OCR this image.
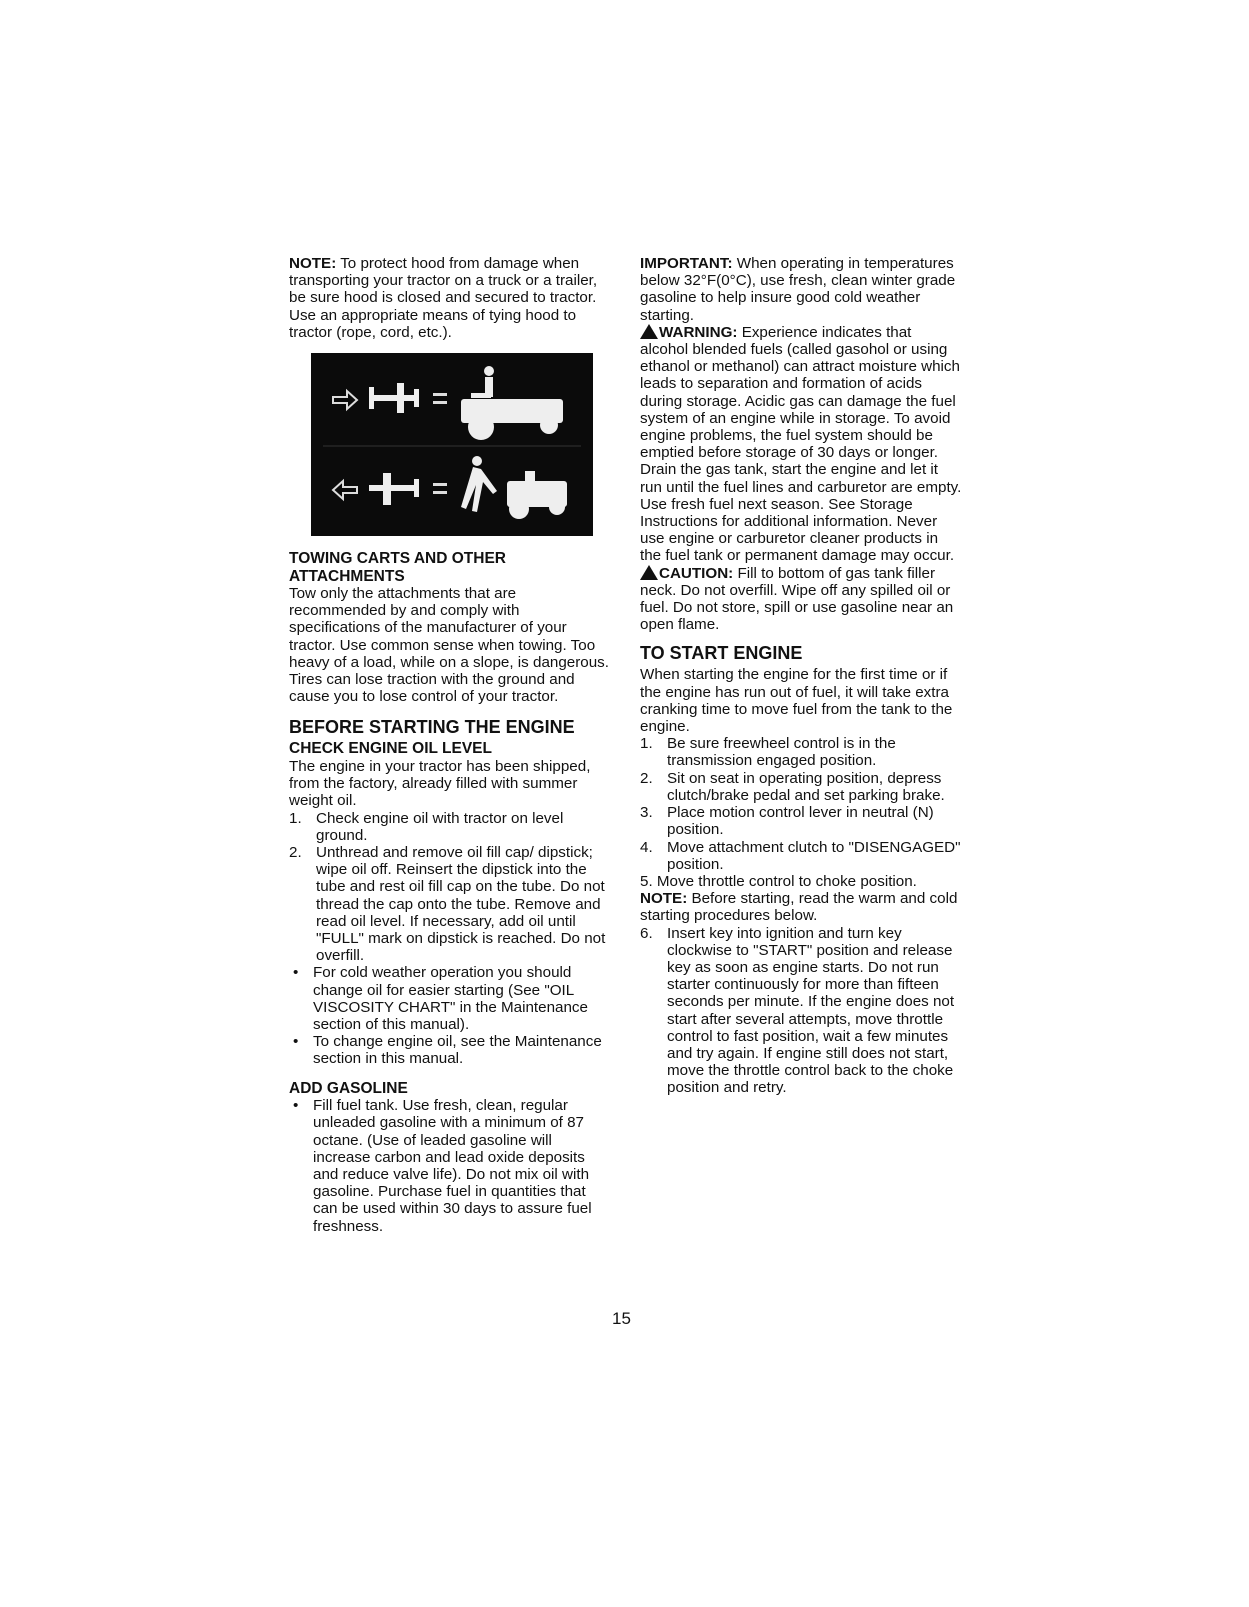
NOTE: To protect hood from damage when transporting your tractor on a truck or a trailer, be sure hood is closed and secured to tractor. Use an appropriate means of tying hood to tractor (rope, cord, etc.).

TOWING CARTS AND OTHER ATTACHMENTS

Tow only the attachments that are recommended by and comply with specifications of the manufacturer of your tractor. Use common sense when towing. Too heavy of a load, while on a slope, is dangerous. Tires can lose traction with the ground and cause you to lose control of your tractor.

BEFORE STARTING THE ENGINE
CHECK ENGINE OIL LEVEL

The engine in your tractor has been shipped, from the factory, already filled with summer weight oil.

1. Check engine oil with tractor on level ground.
2. Unthread and remove oil fill cap/ dipstick; wipe oil off. Reinsert the dipstick into the tube and rest oil fill cap on the tube. Do not thread the cap onto the tube. Remove and read oil level. If necessary, add oil until "FULL" mark on dipstick is reached. Do not overfill.
• For cold weather operation you should change oil for easier starting (See "OIL VISCOSITY CHART" in the Maintenance section of this manual).
• To change engine oil, see the Maintenance section in this manual.
ADD GASOLINE
• Fill fuel tank. Use fresh, clean, regular unleaded gasoline with a minimum of 87 octane. (Use of leaded gasoline will increase carbon and lead oxide deposits and reduce valve life). Do not mix oil with gasoline. Purchase fuel in quantities that can be used within 30 days to assure fuel freshness.

IMPORTANT: When operating in temperatures below 32°F(0°C), use fresh, clean winter grade gasoline to help insure good cold weather starting.

WARNING: Experience indicates that alcohol blended fuels (called gasohol or using ethanol or methanol) can attract moisture which leads to separation and formation of acids during storage. Acidic gas can damage the fuel system of an engine while in storage. To avoid engine problems, the fuel system should be emptied before storage of 30 days or longer. Drain the gas tank, start the engine and let it run until the fuel lines and carburetor are empty. Use fresh fuel next season. See Storage Instructions for additional information. Never use engine or carburetor cleaner products in the fuel tank or permanent damage may occur.

CAUTION: Fill to bottom of gas tank filler neck. Do not overfill. Wipe off any spilled oil or fuel. Do not store, spill or use gasoline near an open flame.

TO START ENGINE

When starting the engine for the first time or if the engine has run out of fuel, it will take extra cranking time to move fuel from the tank to the engine.

1. Be sure freewheel control is in the transmission engaged position.
2. Sit on seat in operating position, depress clutch/brake pedal and set parking brake.
3. Place motion control lever in neutral (N) position.
4. Move attachment clutch to "DISENGAGED" position.

5. Move throttle control to choke position.

NOTE: Before starting, read the warm and cold starting procedures below.

6. Insert key into ignition and turn key clockwise to "START" position and release key as soon as engine starts. Do not run starter continuously for more than fifteen seconds per minute. If the engine does not start after several attempts, move throttle control to fast position, wait a few minutes and try again. If engine still does not start, move the throttle control back to the choke position and retry.
15
